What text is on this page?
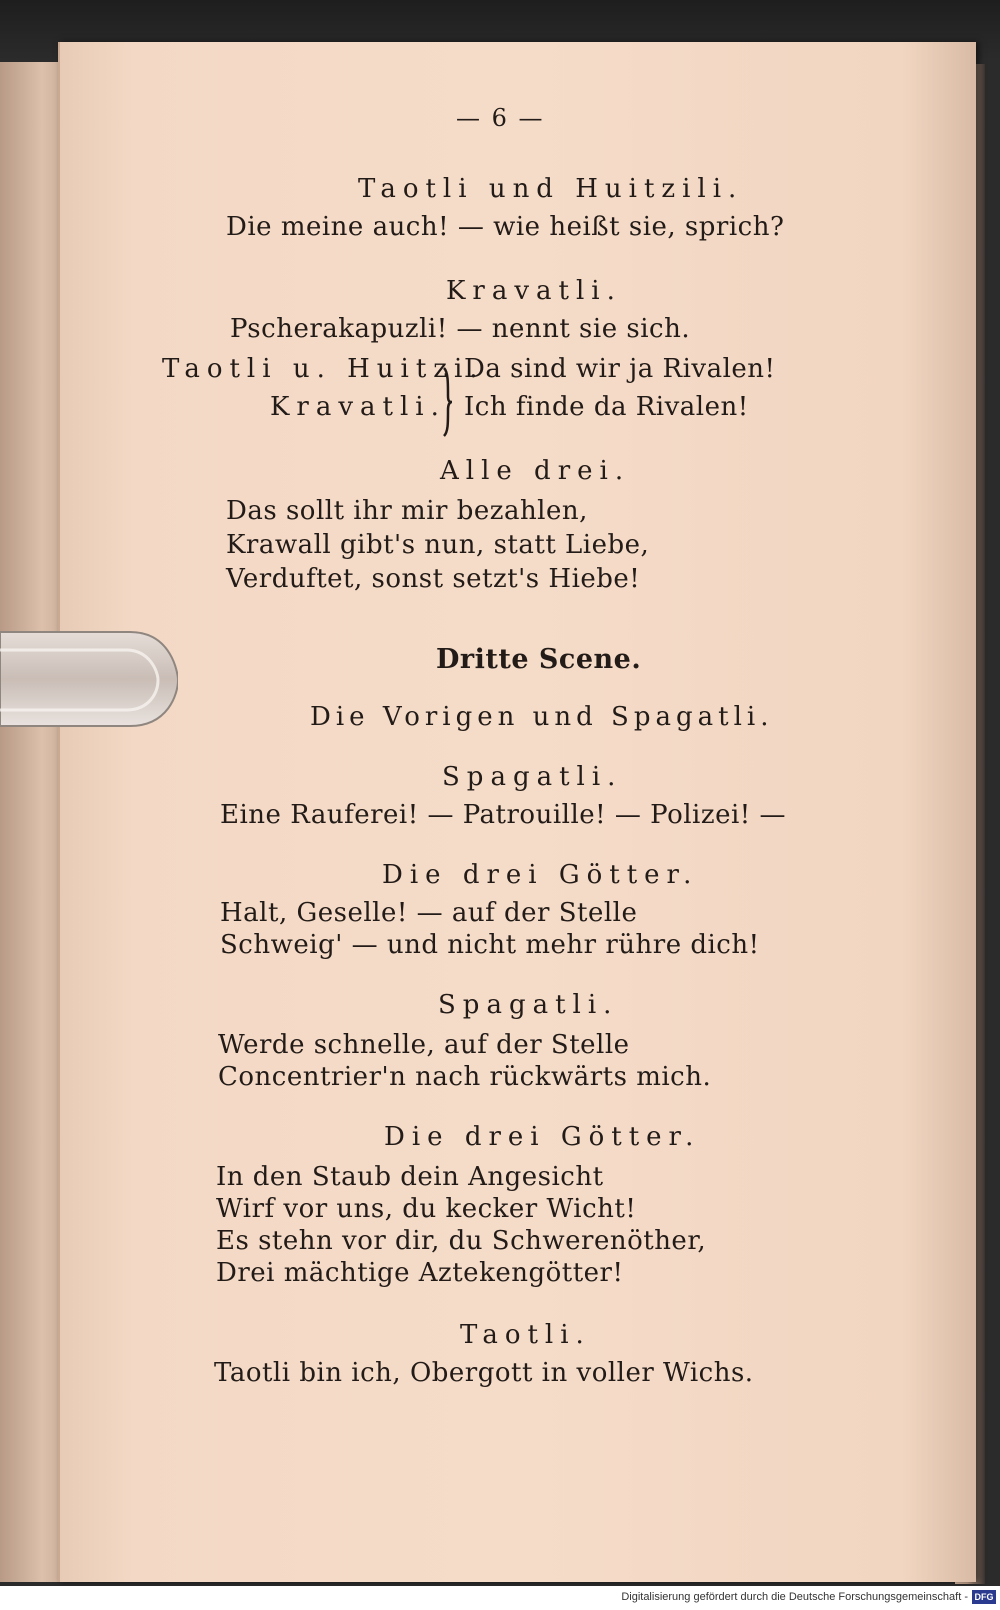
— 6 —
Taotli und Huitzili.
Die meine auch! — wie heißt sie, sprich?
Kravatli.
Pscherakapuzli! — nennt sie sich.
Taotli u. Huitzi.
Da sind wir ja Rivalen!
Kravatli. Ich finde da Rivalen!
Alle drei.
Das sollt ihr mir bezahlen,
Krawall gibt's nun, statt Liebe,
Verduftet, sonst setzt's Hiebe!
Dritte Scene.
Die Vorigen und Spagatli.
Spagatli.
Eine Rauferei! — Patrouille! — Polizei! —
Die drei Götter.
Halt, Geselle! — auf der Stelle
Schweig' — und nicht mehr rühre dich!
Spagatli.
Werde schnelle, auf der Stelle
Concentrier'n nach rückwärts mich.
Die drei Götter.
In den Staub dein Angesicht
Wirf vor uns, du kecker Wicht!
Es stehn vor dir, du Schwerenöther,
Drei mächtige Aztekengötter!
Taotli.
Taotli bin ich, Obergott in voller Wichs.
Digitalisierung gefördert durch die Deutsche Forschungsgemeinschaft - DFG
